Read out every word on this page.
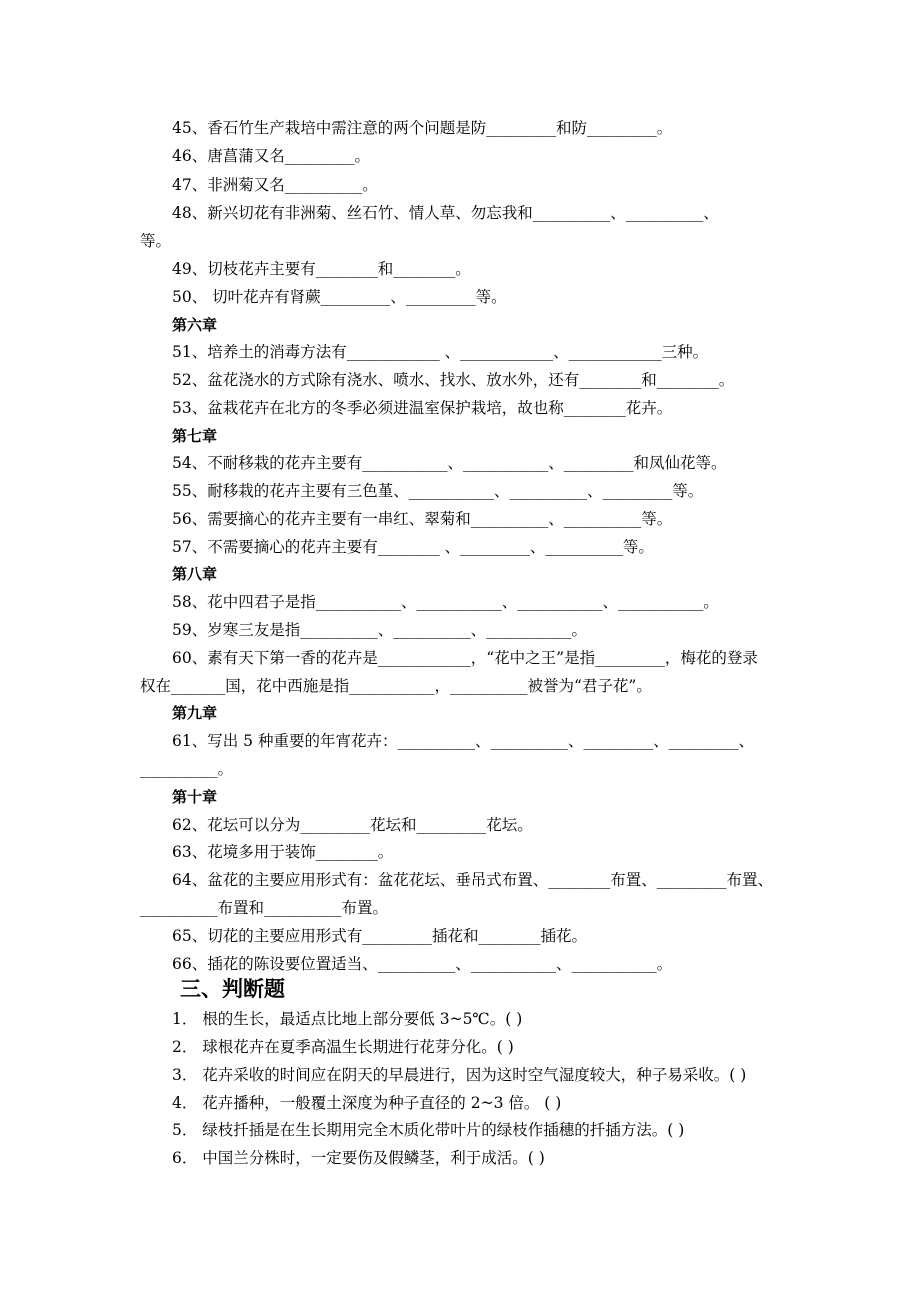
45、香石竹生产栽培中需注意的两个问题是防_________和防_________。
46、唐菖蒲又名_________。
47、非洲菊又名__________。
48、新兴切花有非洲菊、丝石竹、情人草、勿忘我和__________、__________、
等。
49、切枝花卉主要有________和________。
50、 切叶花卉有肾蕨_________、_________等。
第六章
51、培养土的消毒方法有____________ 、____________、____________三种。
52、盆花浇水的方式除有浇水、喷水、找水、放水外，还有________和________。
53、盆栽花卉在北方的冬季必须进温室保护栽培，故也称________花卉。
第七章
54、不耐移栽的花卉主要有___________、___________、_________和凤仙花等。
55、耐移栽的花卉主要有三色堇、___________、__________、_________等。
56、需要摘心的花卉主要有一串红、翠菊和__________、__________等。
57、不需要摘心的花卉主要有________ 、_________、__________等。
第八章
58、花中四君子是指___________、___________、___________、___________。
59、岁寒三友是指__________、__________、___________。
60、素有天下第一香的花卉是____________，“花中之王”是指_________，梅花的登录
权在_______国，花中西施是指___________，__________被誉为“君子花”。
第九章
61、写出 5 种重要的年宵花卉：__________、__________、_________、_________、
__________。
第十章
62、花坛可以分为_________花坛和_________花坛。
63、花境多用于装饰________。
64、盆花的主要应用形式有：盆花花坛、垂吊式布置、________布置、_________布置、
__________布置和__________布置。
65、切花的主要应用形式有_________插花和________插花。
66、插花的陈设要位置适当、__________、___________、___________。
三、判断题
1． 根的生长，最适点比地上部分要低 3~5℃。( )
2． 球根花卉在夏季高温生长期进行花芽分化。( )
3． 花卉采收的时间应在阴天的早晨进行，因为这时空气湿度较大，种子易采收。( )
4． 花卉播种，一般覆土深度为种子直径的 2~3 倍。 ( )
5． 绿枝扦插是在生长期用完全木质化带叶片的绿枝作插穗的扦插方法。( )
6． 中国兰分株时，一定要伤及假鳞茎，利于成活。( )
